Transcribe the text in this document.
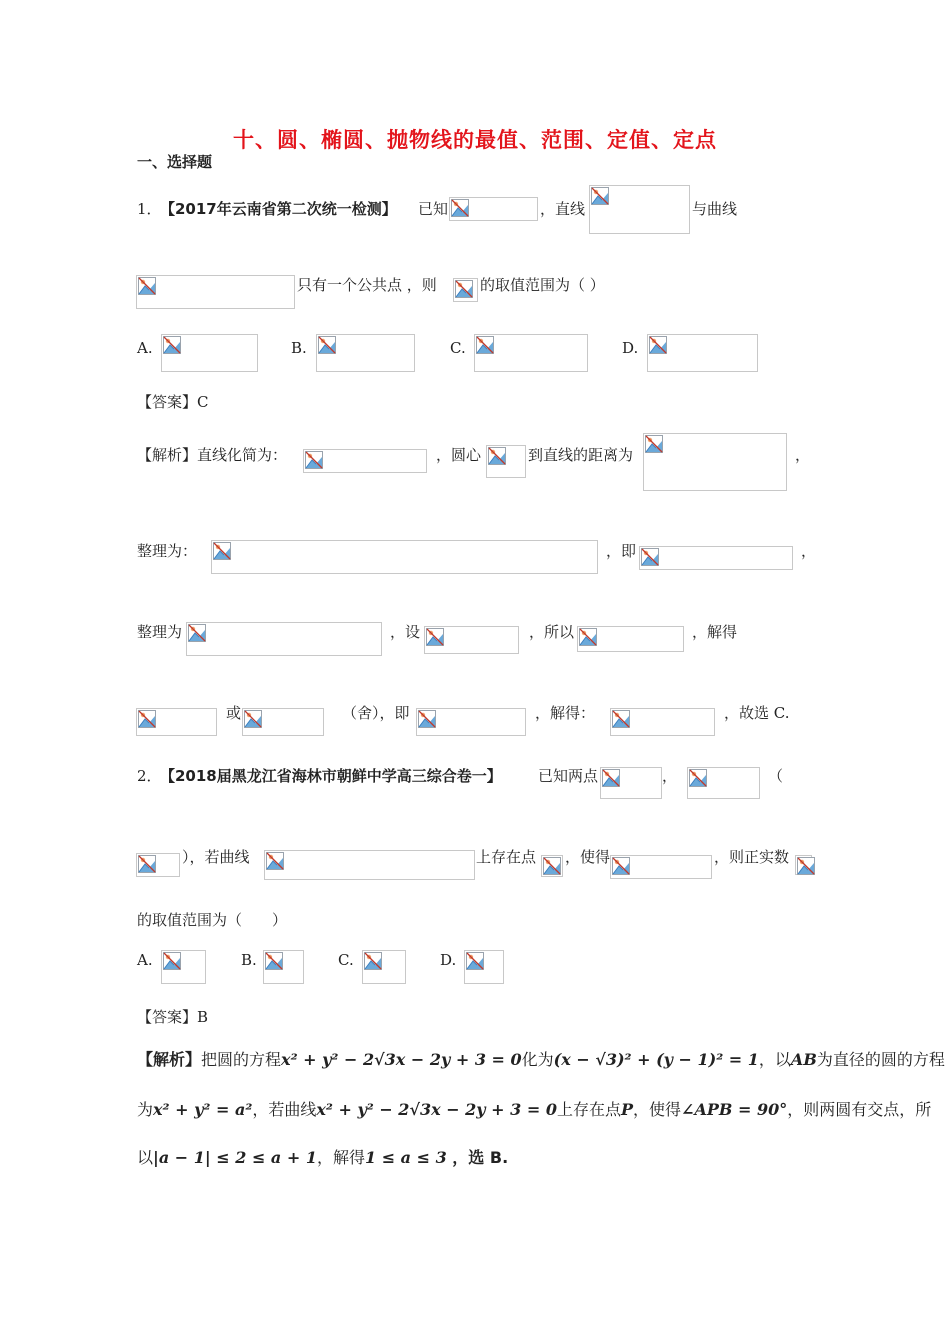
十、圆、椭圆、抛物线的最值、范围、定值、定点
一、选择题
1．
【2017年云南省第二次统一检测】 已知	，直线	与曲线
只有一个公共点 ，则	的取值范围为（ ）
A.	B.	C.	D.
【答案】C
【解析】直线化简为：	，圆心	到直线的距离为	，
整理为：	，即	，
整理为	，设	，所以	，解得
或	（舍），即	，解得：	，故选 C.
2．
【2018届黑龙江省海林市朝鲜中学高三综合卷一】 已知两点	，	（
），若曲线	上存在点 ，使得	，则正实数
的取值范围为（　　）
A.	B.	C.	D.
【答案】B
【解析】把圆的方程x² + y² − 2√3x − 2y + 3 = 0化为(x − √3)² + (y − 1)² = 1，以AB为直径的圆的方程
为x² + y² = a²，若曲线x² + y² − 2√3x − 2y + 3 = 0上存在点P，使得∠APB = 90°，则两圆有交点，所
以|a − 1| ≤ 2 ≤ a + 1，解得1 ≤ a ≤ 3 ，选 B.
